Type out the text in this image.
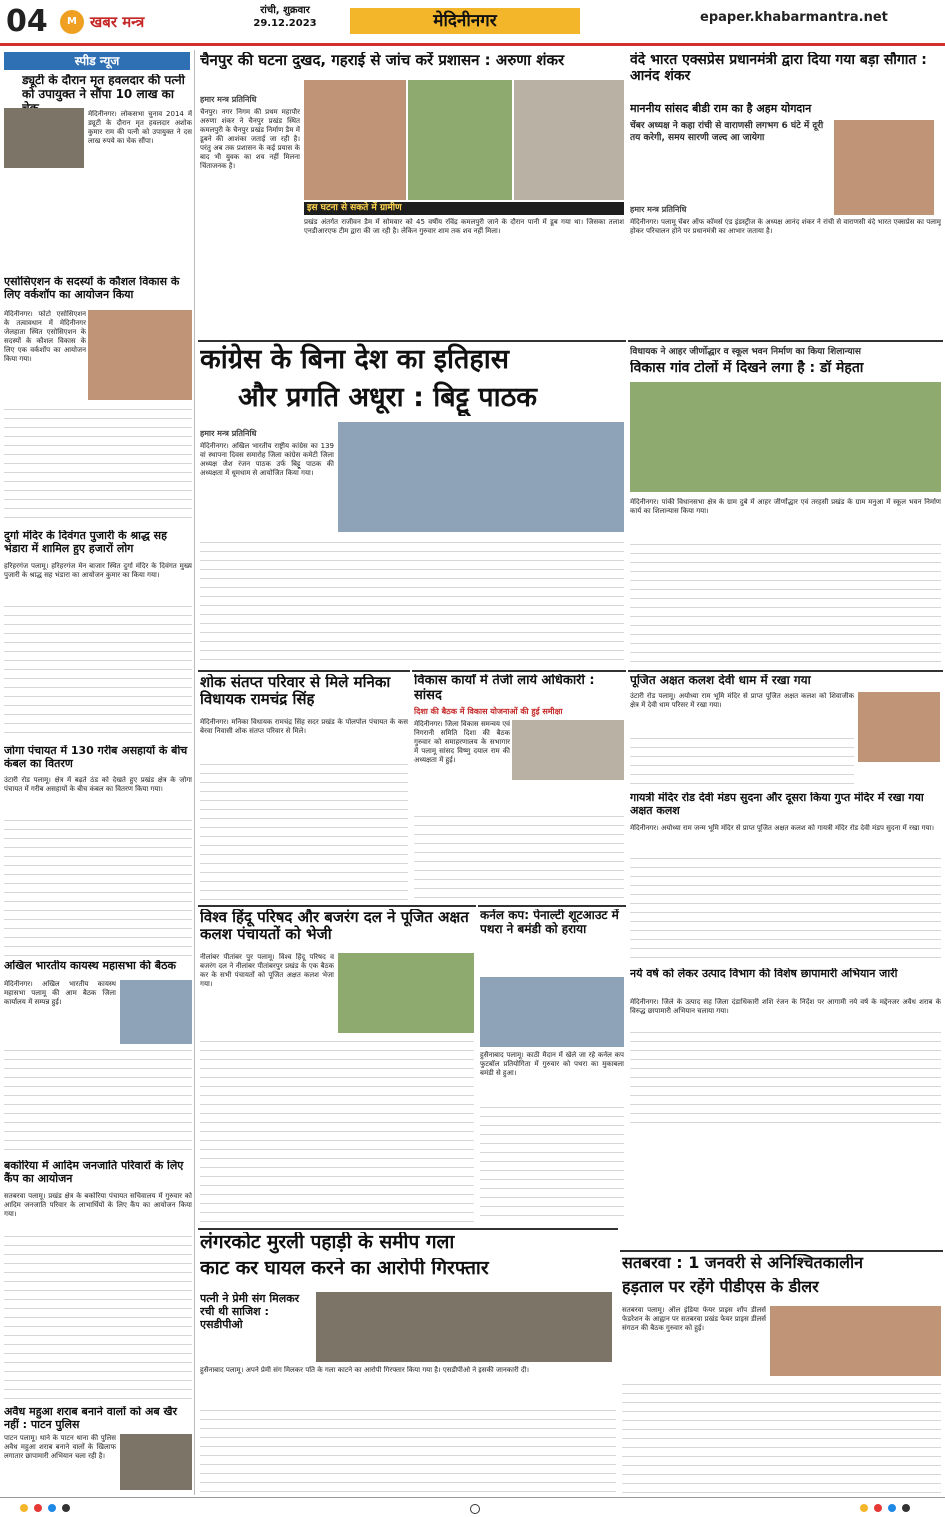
04	M खबर मन्त्र
रांची, शुक्रवार
29.12.2023	मेदिनीनगर	epaper.khabarmantra.net
स्पीड न्यूज
ड्यूटी के दौरान मृत हवलदार की पत्नी को उपायुक्त ने सौंपा 10 लाख का
मेदिनीनगर। लोकसभा चुनाव 2014 में ड्यूटी के दौरान मृत हवलदार अशोक कुमार राम की पत्नी को उपायुक्त ने दस लाख रुपये का चेक सौंपा।
एसोसिएशन के सदस्यों के कौशल विकास के लिए वर्कशॉप का आयोजन किया
मेदिनीनगर। फोटो एसोसिएशन के तत्वावधान में मेदिनीनगर जेलहाता स्थित एसोसिएशन के सदस्यों के कौशल विकास के लिए एक वर्कशॉप का आयोजन किया गया।
दुर्गा मंदिर के दिवंगत पुजारी के श्राद्ध सह भंडारा में शामिल हुए हजारों लोग
हरिहरगंज पलामू। हरिहरगंज मेन बाजार स्थित दुर्गा मंदिर के दिवंगत मुख्य पुजारी के श्राद्ध सह भंडारा का आयोजन कुमार का किया गया।
जोगा पंचायत में 130 गरीब असहायों के बीच कंबल का वितरण
उंटारी रोड पलामू। क्षेत्र में बढ़ते ठंड को देखते हुए प्रखंड क्षेत्र के जोगा पंचायत में गरीब असहायों के बीच कंबल का वितरण किया गया।
अखिल भारतीय कायस्थ महासभा की बैठक
मेदिनीनगर। अखिल भारतीय कायस्थ महासभा पलामू की आम बैठक जिला कार्यालय में सम्पन्न हुई।
बकोरिया में आदिम जनजाति परिवारों के लिए कैंप का आयोजन
सतबरवा पलामू। प्रखंड क्षेत्र के बकोरिया पंचायत सचिवालय में गुरुवार को आदिम जनजाति परिवार के लाभार्थियों के लिए कैंप का आयोजन किया गया।
अवैध महुआ शराब बनाने वालों को अब खैर नहीं : पाटन पुलिस
पाटन पलामू। थाने के पाटन थाना की पुलिस अवैध महुआ शराब बनाने वालों के खिलाफ लगातार छापामारी अभियान चला रही है।
चैनपुर की घटना दुखद, गहराई से जांच करें प्रशासन : अरुणा शंकर
हमार मन्त्र प्रतिनिधि
चैनपुर। नगर निगम की प्रथम महापौर अरुणा शंकर ने चैनपुर प्रखंड स्थित कमलपुरी के चैनपुर प्रखंड निर्माण डैम में डूबने की आशंका जताई जा रही है। परंतु अब तक प्रशासन के कई प्रयास के बाद भी युवक का शव नहीं मिलना चिंताजनक है।
इस घटना से सकते में ग्रामीण
प्रखंड अंतर्गत राजीवन डैम में सोमवार को 45 वर्षीय रविंद्र कमलपुरी जाने के दौरान पानी में डूब गया था। जिसका तलाश एनडीआरएफ टीम द्वारा की जा रही है। लेकिन गुरुवार शाम तक शव नहीं मिला।
वंदे भारत एक्सप्रेस प्रधानमंत्री द्वारा दिया गया बड़ा सौगात : आनंद शंकर
माननीय सांसद बीडी राम का है अहम योगदान
चेंबर अध्यक्ष ने कहा रांची से वाराणसी लगभग 6 घंटे में दूरी तय करेगी, समय सारणी जल्द आ जायेगा
हमार मन्त्र प्रतिनिधि
मेदिनीनगर। पलामू चेंबर ऑफ कॉमर्स एंड इंडस्ट्रीज के अध्यक्ष आनंद शंकर ने रांची से वाराणसी वंदे भारत एक्सप्रेस का पलामू होकर परिचालन होने पर प्रधानमंत्री का आभार जताया है।
कांग्रेस के बिना देश का इतिहास
और प्रगति अधूरा : बिट्टू पाठक
हमार मन्त्र प्रतिनिधि
मेदिनीनगर। अखिल भारतीय राष्ट्रीय कांग्रेस का 139 वां स्थापना दिवस समारोह जिला कांग्रेस कमेटी जिला अध्यक्ष जैश रंजन पाठक उर्फ बिट्टू पाठक की अध्यक्षता में धूमधाम से आयोजित किया गया।
विधायक ने आहर जीर्णोद्धार व स्कूल भवन निर्माण का किया शिलान्यास
विकास गांव टोलों में दिखने लगा है : डॉ मेहता
मेदिनीनगर। पांकी विधानसभा क्षेत्र के ग्राम दुबे में आहर जीर्णोद्धार एवं तरहसी प्रखंड के ग्राम मनुआ में स्कूल भवन निर्माण कार्य का शिलान्यास किया गया।
शोक संतप्त परिवार से मिले मनिका विधायक रामचंद्र सिंह
मेदिनीनगर। मनिका विधायक रामचंद्र सिंह सदर प्रखंड के पोलपोल पंचायत के कस बेरवा निवासी शोक संतप्त परिवार से मिले।
विकास कार्यों में तेजी लाये अधिकारी : सांसद
दिशा की बैठक में विकास योजनाओं की हुई समीक्षा
मेदिनीनगर। जिला विकास समन्वय एवं निगरानी समिति दिशा की बैठक गुरुवार को समाहरणालय के सभागार में पलामू सांसद विष्णु दयाल राम की अध्यक्षता में हुई।
पूजित अक्षत कलश देवी धाम में रखा गया
उंटारी रोड पलामू। अयोध्या राम भूमि मंदिर से प्राप्त पूजित अक्षत कलश को शिवाजीक क्षेत्र में देवी धाम परिसर में रखा गया।
गायत्री मंदिर रोड देवी मंडप सुदना और दूसरा किया गुप्त मंदिर में रखा गया अक्षत कलश
मेदिनीनगर। अयोध्या राम जन्म भूमि मंदिर से प्राप्त पूजित अक्षत कलश को गायत्री मंदिर रोड देवी मंडप सुदना में रखा गया।
नये वर्ष को लेकर उत्पाद विभाग की विशेष छापामारी अभियान जारी
मेदिनीनगर। जिले के उत्पाद सह जिला दंडाधिकारी शशि रंजन के निर्देश पर आगामी नये वर्ष के मद्देनजर अवैध शराब के विरुद्ध छापामारी अभियान चलाया गया।
विश्व हिंदू परिषद और बजरंग दल ने पूजित अक्षत कलश पंचायतों को भेजी
नीलांबर पीतांबर पुर पलामू। विश्व हिंदू परिषद व बजरंग दल ने नीलांबर पीतांबरपुर प्रखंड के एक बैठक कर के सभी पंचायतों को पूजित अक्षत कलश भेजा गया।
कर्नल कप: पेनाल्टी शूटआउट में पथरा ने बमंडी को हराया
हुसैनाबाद पलामू। काठी मैदान में खेले जा रहे कर्नल कप फुटबॉल प्रतियोगिता में गुरुवार को पथरा का मुकाबला बमंडी से हुआ।
लंगरकोट मुरली पहाड़ी के समीप गला
काट कर घायल करने का आरोपी गिरफ्तार
पत्नी ने प्रेमी संग मिलकर रची थी साजिश : एसडीपीओ
हुसैनाबाद पलामू। अपने प्रेमी संग मिलकर पति के गला काटने का आरोपी गिरफ्तार किया गया है। एसडीपीओ ने इसकी जानकारी दी।
सतबरवा : 1 जनवरी से अनिश्चितकालीन
हड़ताल पर रहेंगे पीडीएस के डीलर
सतबरवा पलामू। ऑल इंडिया फेयर प्राइस शॉप डीलर्स फेडरेशन के आह्वान पर सतबरवा प्रखंड फेयर प्राइस डीलर्स संगठन की बैठक गुरुवार को हुई।
